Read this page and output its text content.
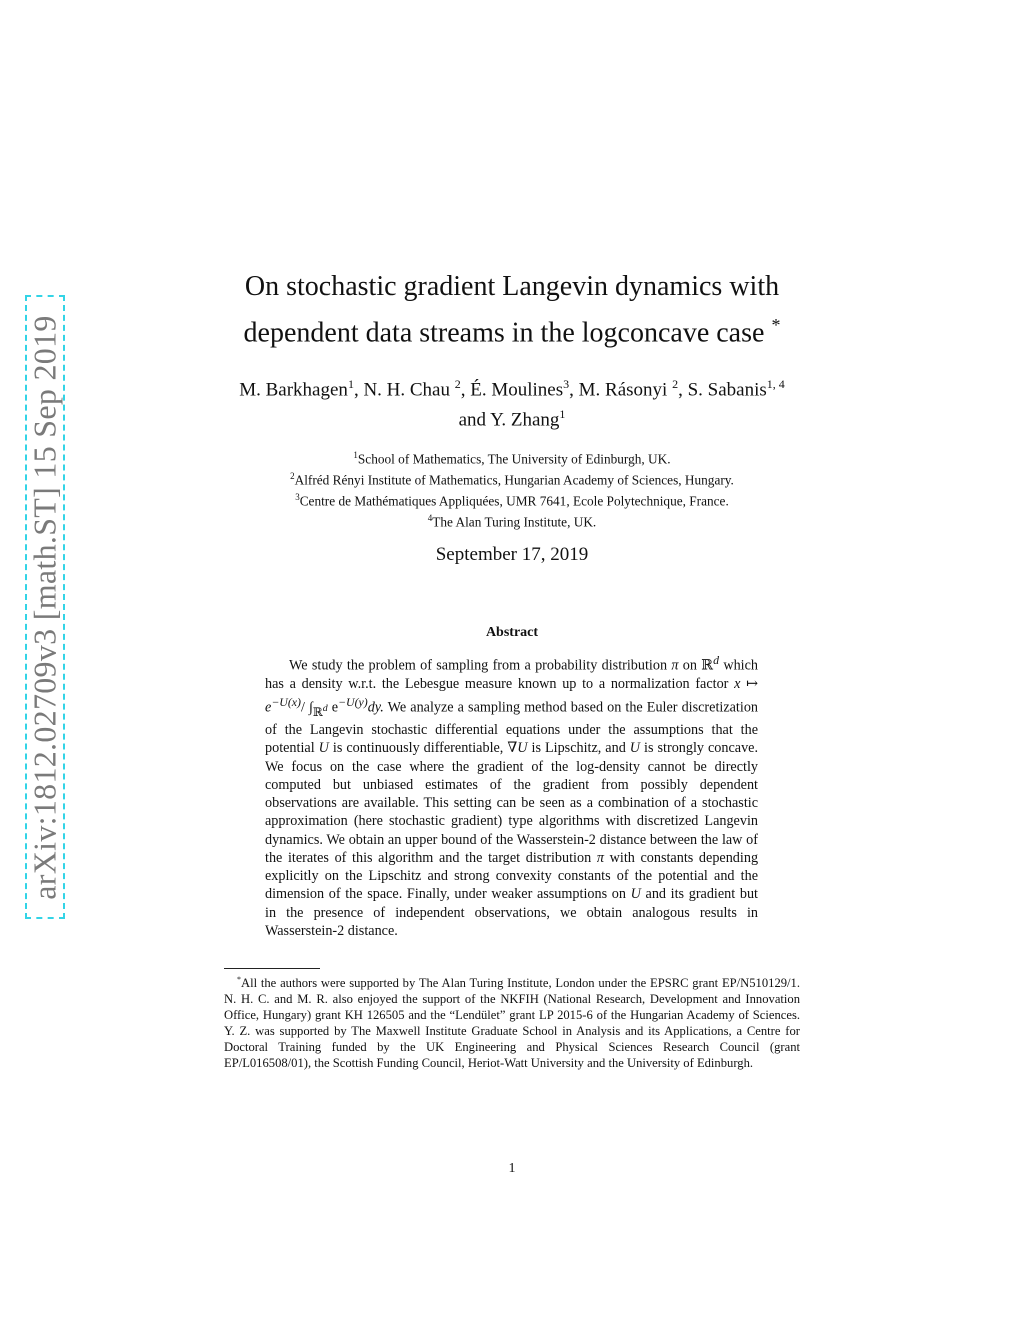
arXiv:1812.02709v3 [math.ST] 15 Sep 2019
On stochastic gradient Langevin dynamics with
dependent data streams in the logconcave case *
M. Barkhagen$^1$, N. H. Chau $^2$, É. Moulines$^3$, M. Rásonyi $^2$, S. Sabanis$^{1, 4}$ and Y. Zhang$^1$
$^1$School of Mathematics, The University of Edinburgh, UK.
$^2$Alfréd Rényi Institute of Mathematics, Hungarian Academy of Sciences, Hungary.
$^3$Centre de Mathématiques Appliquées, UMR 7641, Ecole Polytechnique, France.
$^4$The Alan Turing Institute, UK.
September 17, 2019
Abstract

We study the problem of sampling from a probability distribution π on ℝ$^d$ which has a density w.r.t. the Lebesgue measure known up to a normalization factor x ↦ $e^{-U(x)}/$ $\int_{ℝ^d}$ $e^{-U(y)}dy$. We analyze a sampling method based on the Euler discretization of the Langevin stochastic differential equations under the assumptions that the potential U is continuously differentiable, ∇U is Lipschitz, and U is strongly concave. We focus on the case where the gradient of the log-density cannot be directly computed but unbiased estimates of the gradient from possibly dependent observations are available. This setting can be seen as a combination of a stochastic approximation (here stochastic gradient) type algorithms with discretized Langevin dynamics. We obtain an upper bound of the Wasserstein-2 distance between the law of the iterates of this algorithm and the target distribution π with constants depending explicitly on the Lipschitz and strong convexity constants of the potential and the dimension of the space. Finally, under weaker assumptions on U and its gradient but in the presence of independent observations, we obtain analogous results in Wasserstein-2 distance.

*All the authors were supported by The Alan Turing Institute, London under the EPSRC grant EP/N510129/1. N. H. C. and M. R. also enjoyed the support of the NKFIH (National Research, Development and Innovation Office, Hungary) grant KH 126505 and the “Lendület” grant LP 2015-6 of the Hungarian Academy of Sciences. Y. Z. was supported by The Maxwell Institute Graduate School in Analysis and its Applications, a Centre for Doctoral Training funded by the UK Engineering and Physical Sciences Research Council (grant EP/L016508/01), the Scottish Funding Council, Heriot-Watt University and the University of Edinburgh.
1
